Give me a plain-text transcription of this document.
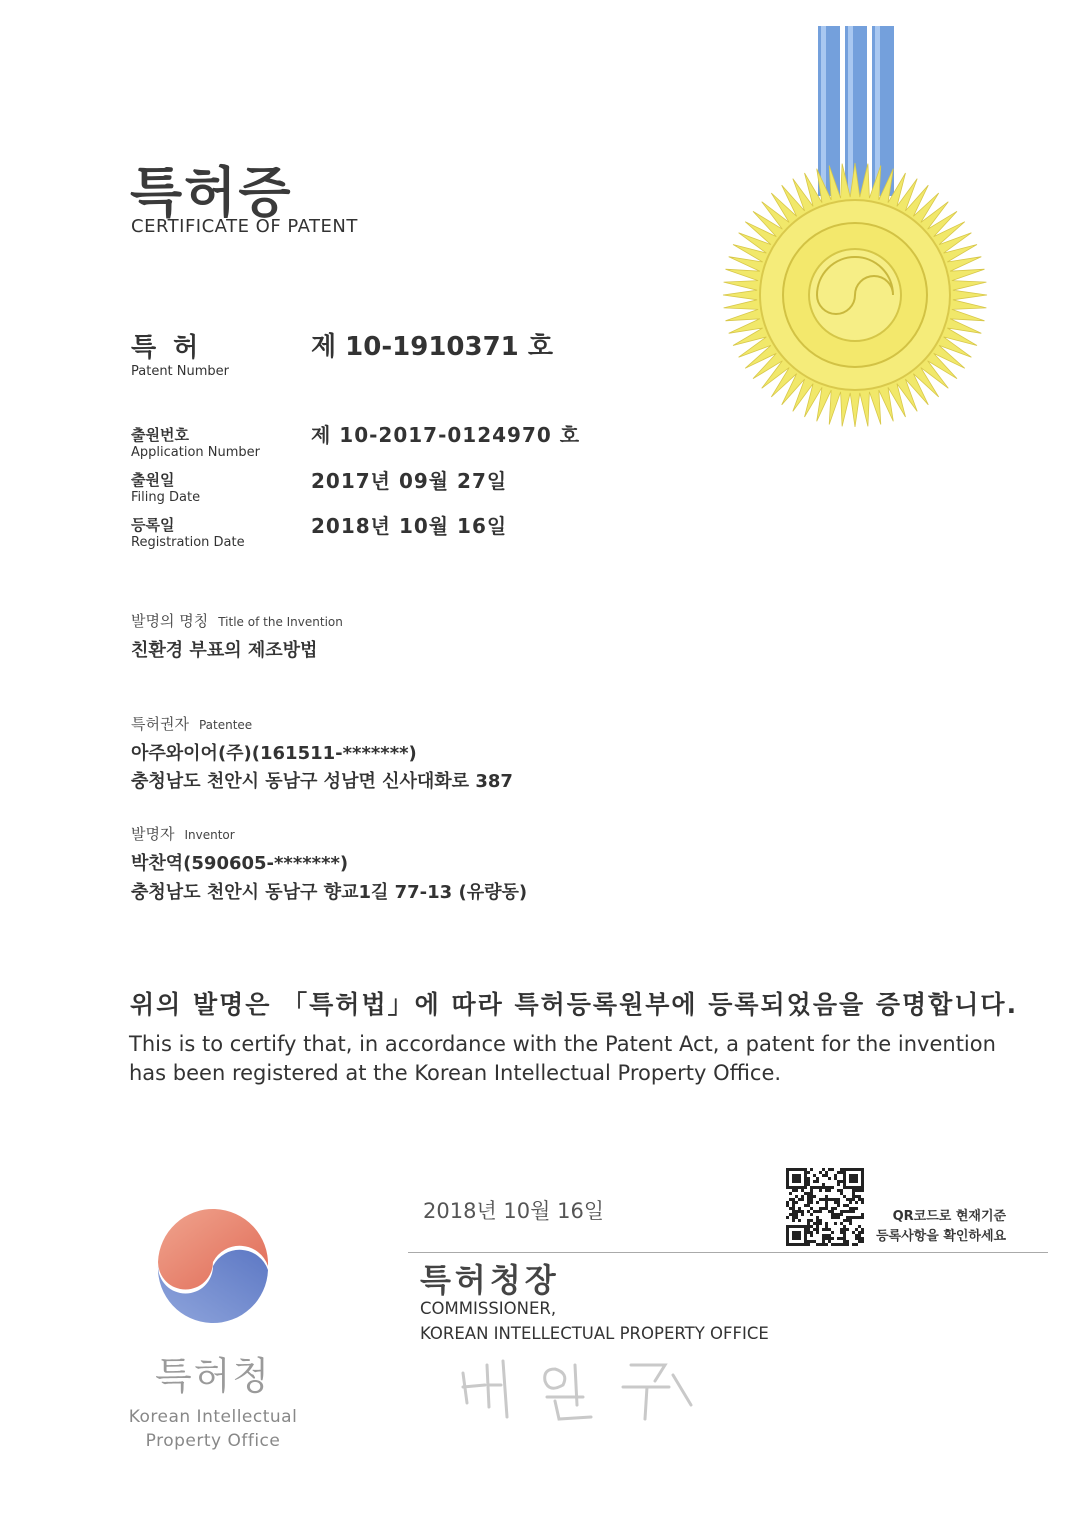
특허증
CERTIFICATE OF PATENT
특 허
Patent Number
제 10-1910371 호
출원번호
Application Number
제 10-2017-0124970 호
출원일
Filing Date
2017년 09월 27일
등록일
Registration Date
2018년 10월 16일
발명의 명칭 Title of the Invention
친환경 부표의 제조방법
특허권자 Patentee
아주와이어(주)(161511-*******)
충청남도 천안시 동남구 성남면 신사대화로 387
발명자 Inventor
박찬역(590605-*******)
충청남도 천안시 동남구 향교1길 77-13 (유량동)
위의 발명은 「특허법」에 따라 특허등록원부에 등록되었음을 증명합니다.
This is to certify that, in accordance with the Patent Act, a patent for the invention has been registered at the Korean Intellectual Property Office.
2018년 10월 16일	QR코드로 현재기준
등록사항을 확인하세요
특허청장
COMMISSIONER,
KOREAN INTELLECTUAL PROPERTY OFFICE
특허청
Korean Intellectual
Property Office
